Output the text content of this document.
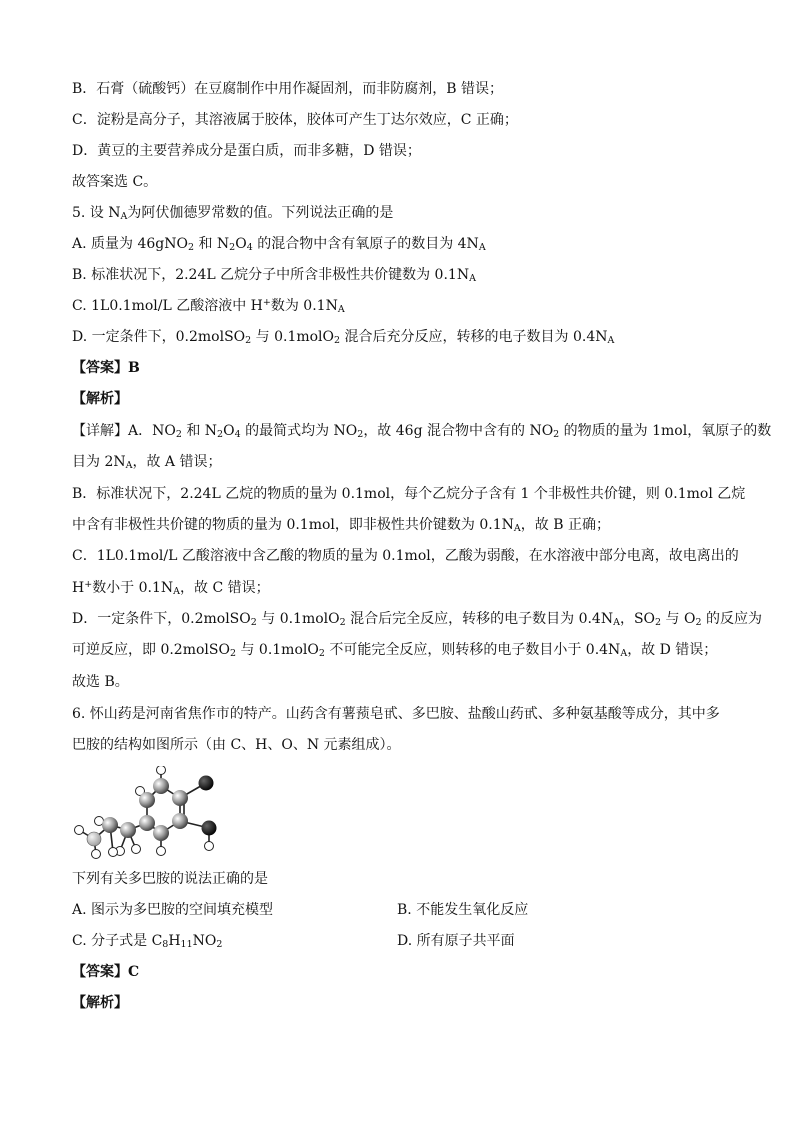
B．石膏（硫酸钙）在豆腐制作中用作凝固剂，而非防腐剂，B 错误；
C．淀粉是高分子，其溶液属于胶体，胶体可产生丁达尔效应，C 正确；
D．黄豆的主要营养成分是蛋白质，而非多糖，D 错误；
故答案选 C。
5. 设 $N_A$为阿伏伽德罗常数的值。下列说法正确的是
A. 质量为 46gNO$_2$ 和 $N_2O_4$ 的混合物中含有氧原子的数目为 $4N_A$
B. 标准状况下，2.24L 乙烷分子中所含非极性共价键数为 $0.1N_A$
C. 1L0.1mol/L 乙酸溶液中 H+数为 $0.1N_A$
D. 一定条件下，0.2molSO$_2$ 与 0.1molO$_2$ 混合后充分反应，转移的电子数目为 $0.4N_A$
【答案】B
【解析】
【详解】A．$NO_2$ 和 $N_2O_4$ 的最简式均为 $NO_2$，故 46g 混合物中含有的 $NO_2$ 的物质的量为 1mol，氧原子的数
目为 $2N_A$，故 A 错误；
B．标准状况下，2.24L 乙烷的物质的量为 0.1mol，每个乙烷分子含有 1 个非极性共价键，则 0.1mol 乙烷
中含有非极性共价键的物质的量为 0.1mol，即非极性共价键数为 $0.1N_A$，故 B 正确；
C．1L0.1mol/L 乙酸溶液中含乙酸的物质的量为 0.1mol，乙酸为弱酸，在水溶液中部分电离，故电离出的
H+数小于 $0.1N_A$，故 C 错误；
D．一定条件下，0.2molSO$_2$ 与 0.1molO$_2$ 混合后完全反应，转移的电子数目为 $0.4N_A$，$SO_2$ 与 $O_2$ 的反应为
可逆反应，即 0.2molSO$_2$ 与 0.1molO$_2$ 不可能完全反应，则转移的电子数目小于 $0.4N_A$，故 D 错误；
故选 B。
6. 怀山药是河南省焦作市的特产。山药含有薯蓣皂甙、多巴胺、盐酸山药甙、多种氨基酸等成分，其中多
巴胺的结构如图所示（由 C、H、O、N 元素组成）。
下列有关多巴胺的说法正确的是
A. 图示为多巴胺的空间填充模型	B. 不能发生氧化反应
C. 分子式是 $C_8H_{11}NO_2$	D. 所有原子共平面
【答案】C
【解析】
